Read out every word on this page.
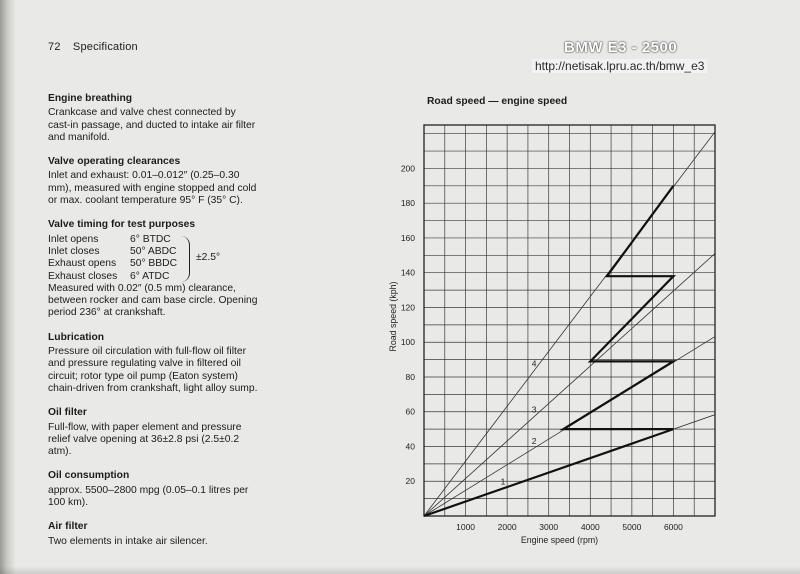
72 Specification	BMW E3 - 2500
http://netisak.lpru.ac.th/bmw_e3
Engine breathing

Crankcase and valve chest connected by cast-in passage, and ducted to intake air filter and manifold.

Valve operating clearances

Inlet and exhaust: 0.01–0.012″ (0.25–0.30 mm), measured with engine stopped and cold or max. coolant temperature 95° F (35° C).

Valve timing for test purposes
Inlet opens	6° BTDC
Inlet closes	50° ABDC
Exhaust opens	50° BBDC
Exhaust closes	6° ATDC
±2.5°

Measured with 0.02″ (0.5 mm) clearance, between rocker and cam base circle. Opening period 236° at crankshaft.

Lubrication

Pressure oil circulation with full-flow oil filter and pressure regulating valve in filtered oil circuit; rotor type oil pump (Eaton system) chain-driven from crankshaft, light alloy sump.

Oil filter

Full-flow, with paper element and pressure relief valve opening at 36±2.8 psi (2.5±0.2 atm).

Oil consumption

approx. 5500–2800 mpg (0.05–0.1 litres per 100 km).

Air filter

Two elements in intake air silencer.

Road speed — engine speed
20
40
60
80
100
120
140
160
180
200
1000	2000	3000	4000	5000	6000
Engine speed (rpm)
Road speed (kph)
1
2
3
4
